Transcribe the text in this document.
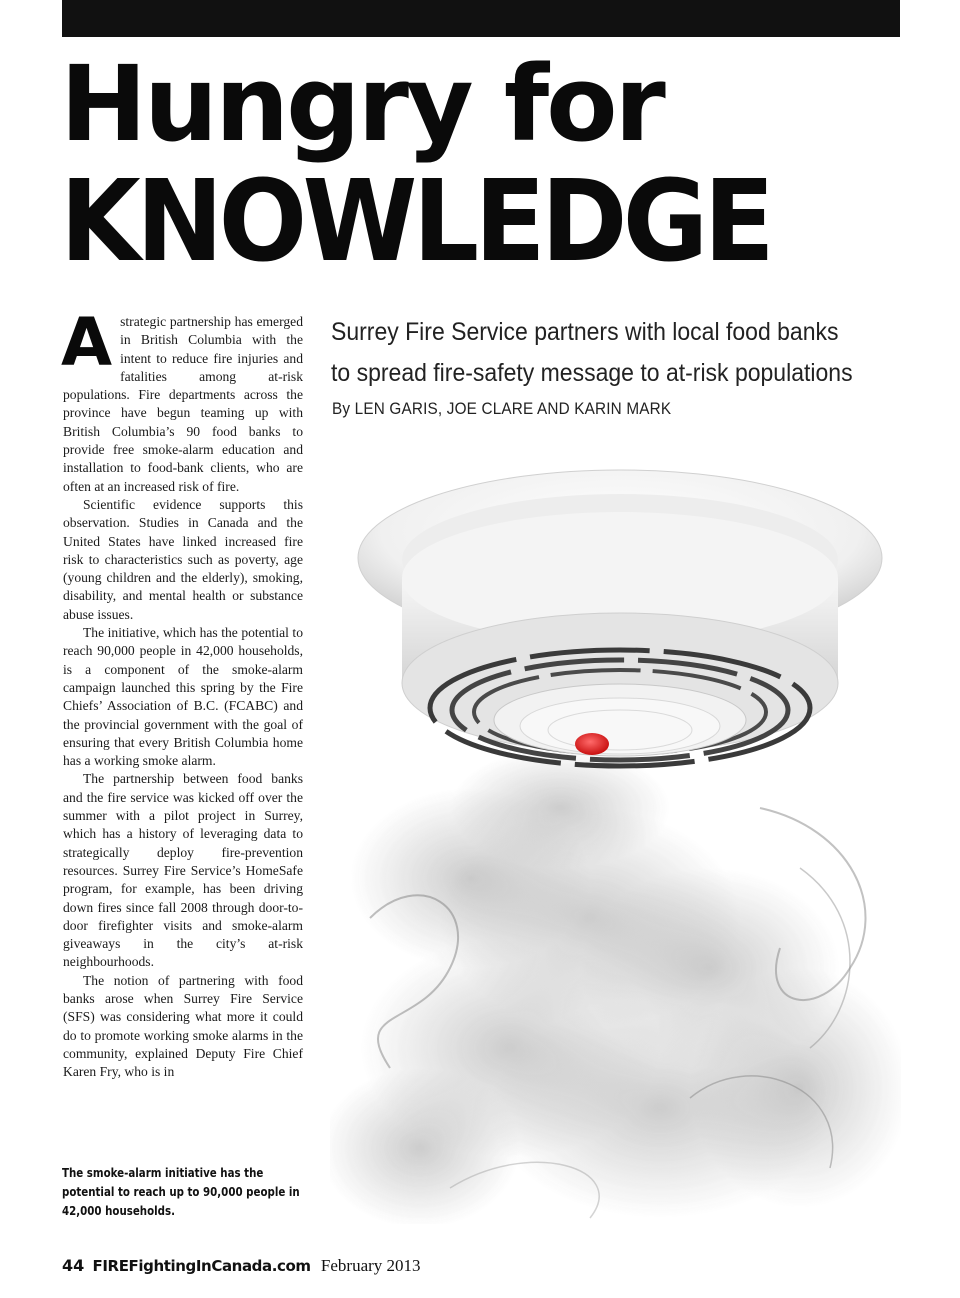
Hungry for
KNOWLEDGE

Astrategic partnership has emerged in British Columbia with the intent to reduce fire injuries and fatalities among at-risk populations. Fire departments across the province have begun teaming up with British Columbia’s 90 food banks to provide free smoke-alarm education and installation to food-bank clients, who are often at an increased risk of fire.

Scientific evidence supports this observation. Studies in Canada and the United States have linked increased fire risk to characteristics such as poverty, age (young children and the elderly), smoking, disability, and mental health or substance abuse issues.

The initiative, which has the potential to reach 90,000 people in 42,000 households, is a component of the smoke-alarm campaign launched this spring by the Fire Chiefs’ Association of B.C. (FCABC) and the provincial government with the goal of ensuring that every British Columbia home has a working smoke alarm.

The partnership between food banks and the fire service was kicked off over the summer with a pilot project in Surrey, which has a history of leveraging data to strategically deploy fire-prevention resources. Surrey Fire Service’s HomeSafe program, for example, has been driving down fires since fall 2008 through door-to-door firefighter visits and smoke-alarm giveaways in the city’s at-risk neighbourhoods.

The notion of partnering with food banks arose when Surrey Fire Service (SFS) was considering what more it could do to promote working smoke alarms in the community, explained Deputy Fire Chief Karen Fry, who is in

Surrey Fire Service partners with local food banks
to spread fire-safety message to at-risk populations
By LEN GARIS, JOE CLARE AND KARIN MARK

The smoke-alarm initiative has the potential to reach up to 90,000 people in 42,000 households.

44 FIREFightingInCanada.com February 2013
